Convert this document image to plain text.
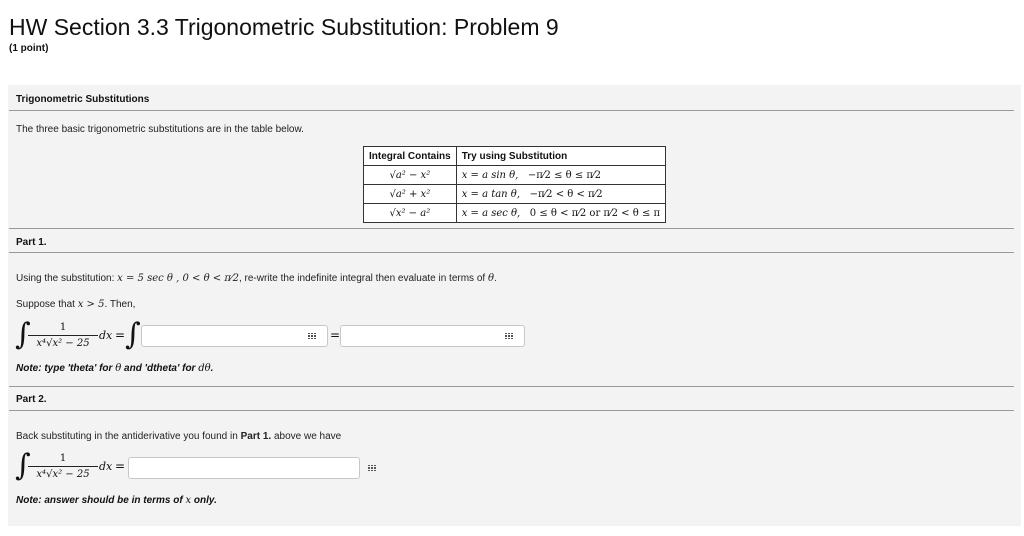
HW Section 3.3 Trigonometric Substitution: Problem 9
(1 point)
Trigonometric Substitutions
The three basic trigonometric substitutions are in the table below.
Integral Contains	Try using Substitution
√a² − x²	x = a sin θ, −π⁄2 ≤ θ ≤ π⁄2
√a² + x²	x = a tan θ, −π⁄2 < θ < π⁄2
√x² − a²	x = a sec θ, 0 ≤ θ < π⁄2 or π⁄2 < θ ≤ π
Part 1.
Using the substitution: x = 5 sec θ , 0 < θ < π⁄2, re-write the indefinite integral then evaluate in terms of θ.
Suppose that x > 5. Then,
∫	1
x⁴√x² − 25
dx = ∫	=
Note: type 'theta' for θ and 'dtheta' for dθ.
Part 2.
Back substituting in the antiderivative you found in Part 1. above we have
∫	1
x⁴√x² − 25
dx =
Note: answer should be in terms of x only.
